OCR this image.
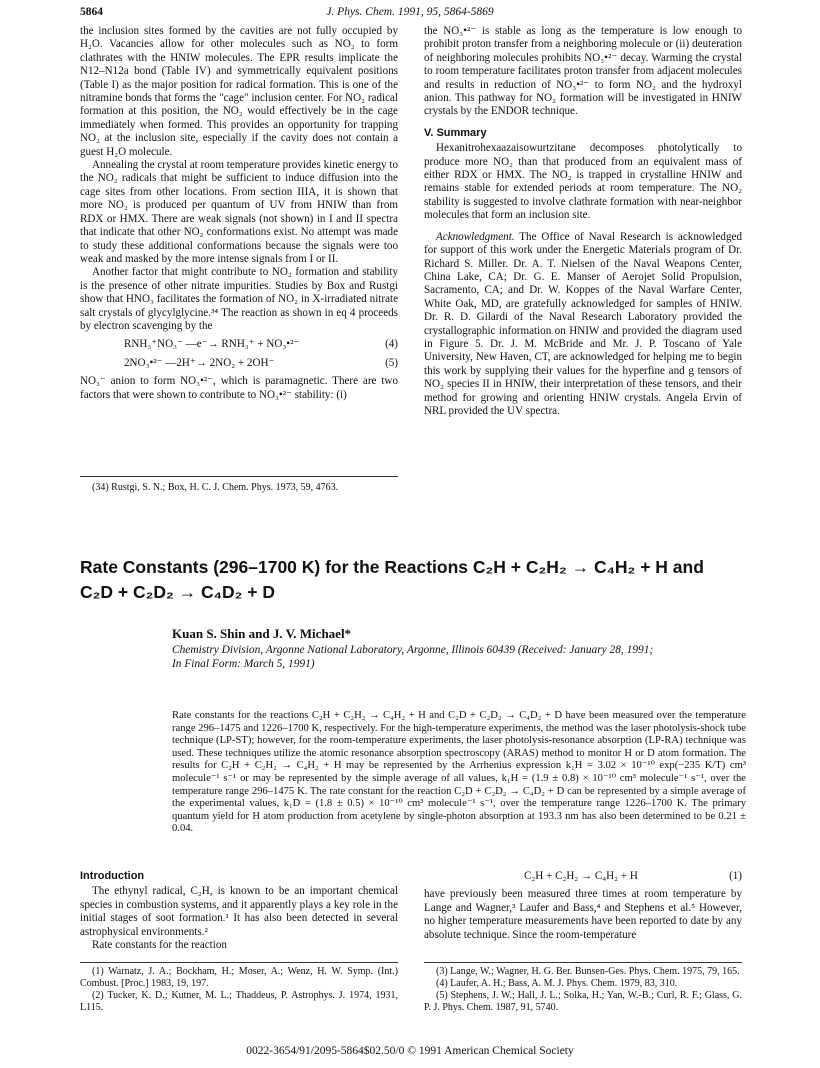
5864	J. Phys. Chem. 1991, 95, 5864-5869

the inclusion sites formed by the cavities are not fully occupied by H₂O. Vacancies allow for other molecules such as NO₂ to form clathrates with the HNIW molecules. The EPR results implicate the N12–N12a bond (Table IV) and symmetrically equivalent positions (Table I) as the major position for radical formation. This is one of the nitramine bonds that forms the "cage" inclusion center. For NO₂ radical formation at this position, the NO₂ would effectively be in the cage immediately when formed. This provides an opportunity for trapping NO₂ at the inclusion site, especially if the cavity does not contain a guest H₂O molecule.

Annealing the crystal at room temperature provides kinetic energy to the NO₂ radicals that might be sufficient to induce diffusion into the cage sites from other locations. From section IIIA, it is shown that more NO₂ is produced per quantum of UV from HNIW than from RDX or HMX. There are weak signals (not shown) in I and II spectra that indicate that other NO₂ conformations exist. No attempt was made to study these additional conformations because the signals were too weak and masked by the more intense signals from I or II.

Another factor that might contribute to NO₂ formation and stability is the presence of other nitrate impurities. Studies by Box and Rustgi show that HNO₃ facilitates the formation of NO₂ in X-irradiated nitrate salt crystals of glycylglycine.³⁴ The reaction as shown in eq 4 proceeds by electron scavenging by the

RNH₃⁺NO₃⁻ —e⁻→ RNH₃⁺ + NO₃•²⁻	(4)
2NO₃•²⁻ —2H⁺→ 2NO₂ + 2OH⁻	(5)

NO₃⁻ anion to form NO₃•²⁻, which is paramagnetic. There are two factors that were shown to contribute to NO₃•²⁻ stability: (i)

(34) Rustgi, S. N.; Box, H. C. J. Chem. Phys. 1973, 59, 4763.

the NO₃•²⁻ is stable as long as the temperature is low enough to prohibit proton transfer from a neighboring molecule or (ii) deuteration of neighboring molecules prohibits NO₃•²⁻ decay. Warming the crystal to room temperature facilitates proton transfer from adjacent molecules and results in reduction of NO₃•²⁻ to form NO₂ and the hydroxyl anion. This pathway for NO₂ formation will be investigated in HNIW crystals by the ENDOR technique.

V. Summary

Hexanitrohexaazaisowurtzitane decomposes photolytically to produce more NO₂ than that produced from an equivalent mass of either RDX or HMX. The NO₂ is trapped in crystalline HNIW and remains stable for extended periods at room temperature. The NO₂ stability is suggested to involve clathrate formation with near-neighbor molecules that form an inclusion site.

Acknowledgment. The Office of Naval Research is acknowledged for support of this work under the Energetic Materials program of Dr. Richard S. Miller. Dr. A. T. Nielsen of the Naval Weapons Center, China Lake, CA; Dr. G. E. Manser of Aerojet Solid Propulsion, Sacramento, CA; and Dr. W. Koppes of the Naval Warfare Center, White Oak, MD, are gratefully acknowledged for samples of HNIW. Dr. R. D. Gilardi of the Naval Research Laboratory provided the crystallographic information on HNIW and provided the diagram used in Figure 5. Dr. J. M. McBride and Mr. J. P. Toscano of Yale University, New Haven, CT, are acknowledged for helping me to begin this work by supplying their values for the hyperfine and g tensors of NO₂ species II in HNIW, their interpretation of these tensors, and their method for growing and orienting HNIW crystals. Angela Ervin of NRL provided the UV spectra.

Rate Constants (296–1700 K) for the Reactions C₂H + C₂H₂ → C₄H₂ + H and
C₂D + C₂D₂ → C₄D₂ + D
Kuan S. Shin and J. V. Michael*
Chemistry Division, Argonne National Laboratory, Argonne, Illinois 60439 (Received: January 28, 1991;
In Final Form: March 5, 1991)
Rate constants for the reactions C₂H + C₂H₂ → C₄H₂ + H and C₂D + C₂D₂ → C₄D₂ + D have been measured over the temperature range 296–1475 and 1226–1700 K, respectively. For the high-temperature experiments, the method was the laser photolysis-shock tube technique (LP-ST); however, for the room-temperature experiments, the laser photolysis-resonance absorption (LP-RA) technique was used. These techniques utilize the atomic resonance absorption spectroscopy (ARAS) method to monitor H or D atom formation. The results for C₂H + C₂H₂ → C₄H₂ + H may be represented by the Arrhenius expression k₁H = 3.02 × 10⁻¹⁰ exp(−235 K/T) cm³ molecule⁻¹ s⁻¹ or may be represented by the simple average of all values, k₁H = (1.9 ± 0.8) × 10⁻¹⁰ cm³ molecule⁻¹ s⁻¹, over the temperature range 296–1475 K. The rate constant for the reaction C₂D + C₂D₂ → C₄D₂ + D can be represented by a simple average of the experimental values, k₁D = (1.8 ± 0.5) × 10⁻¹⁰ cm³ molecule⁻¹ s⁻¹, over the temperature range 1226–1700 K. The primary quantum yield for H atom production from acetylene by single-photon absorption at 193.3 nm has also been determined to be 0.21 ± 0.04.
Introduction

The ethynyl radical, C₂H, is known to be an important chemical species in combustion systems, and it apparently plays a key role in the initial stages of soot formation.¹ It has also been detected in several astrophysical environments.²

Rate constants for the reaction

(1) Warnatz, J. A.; Bockham, H.; Moser, A.; Wenz, H. W. Symp. (Int.) Combust. [Proc.] 1983, 19, 197.
(2) Tucker, K. D.; Kutner, M. L.; Thaddeus, P. Astrophys. J. 1974, 1931, L115.
C₂H + C₂H₂ → C₄H₂ + H	(1)

have previously been measured three times at room temperature by Lange and Wagner,³ Laufer and Bass,⁴ and Stephens et al.⁵ However, no higher temperature measurements have been reported to date by any absolute technique. Since the room-temperature

(3) Lange, W.; Wagner, H. G. Ber. Bunsen-Ges. Phys. Chem. 1975, 79, 165.
(4) Laufer, A. H.; Bass, A. M. J. Phys. Chem. 1979, 83, 310.
(5) Stephens, J. W.; Hall, J. L.; Solka, H.; Yan, W.-B.; Curl, R. F.; Glass, G. P. J. Phys. Chem. 1987, 91, 5740.
0022-3654/91/2095-5864$02.50/0 © 1991 American Chemical Society
